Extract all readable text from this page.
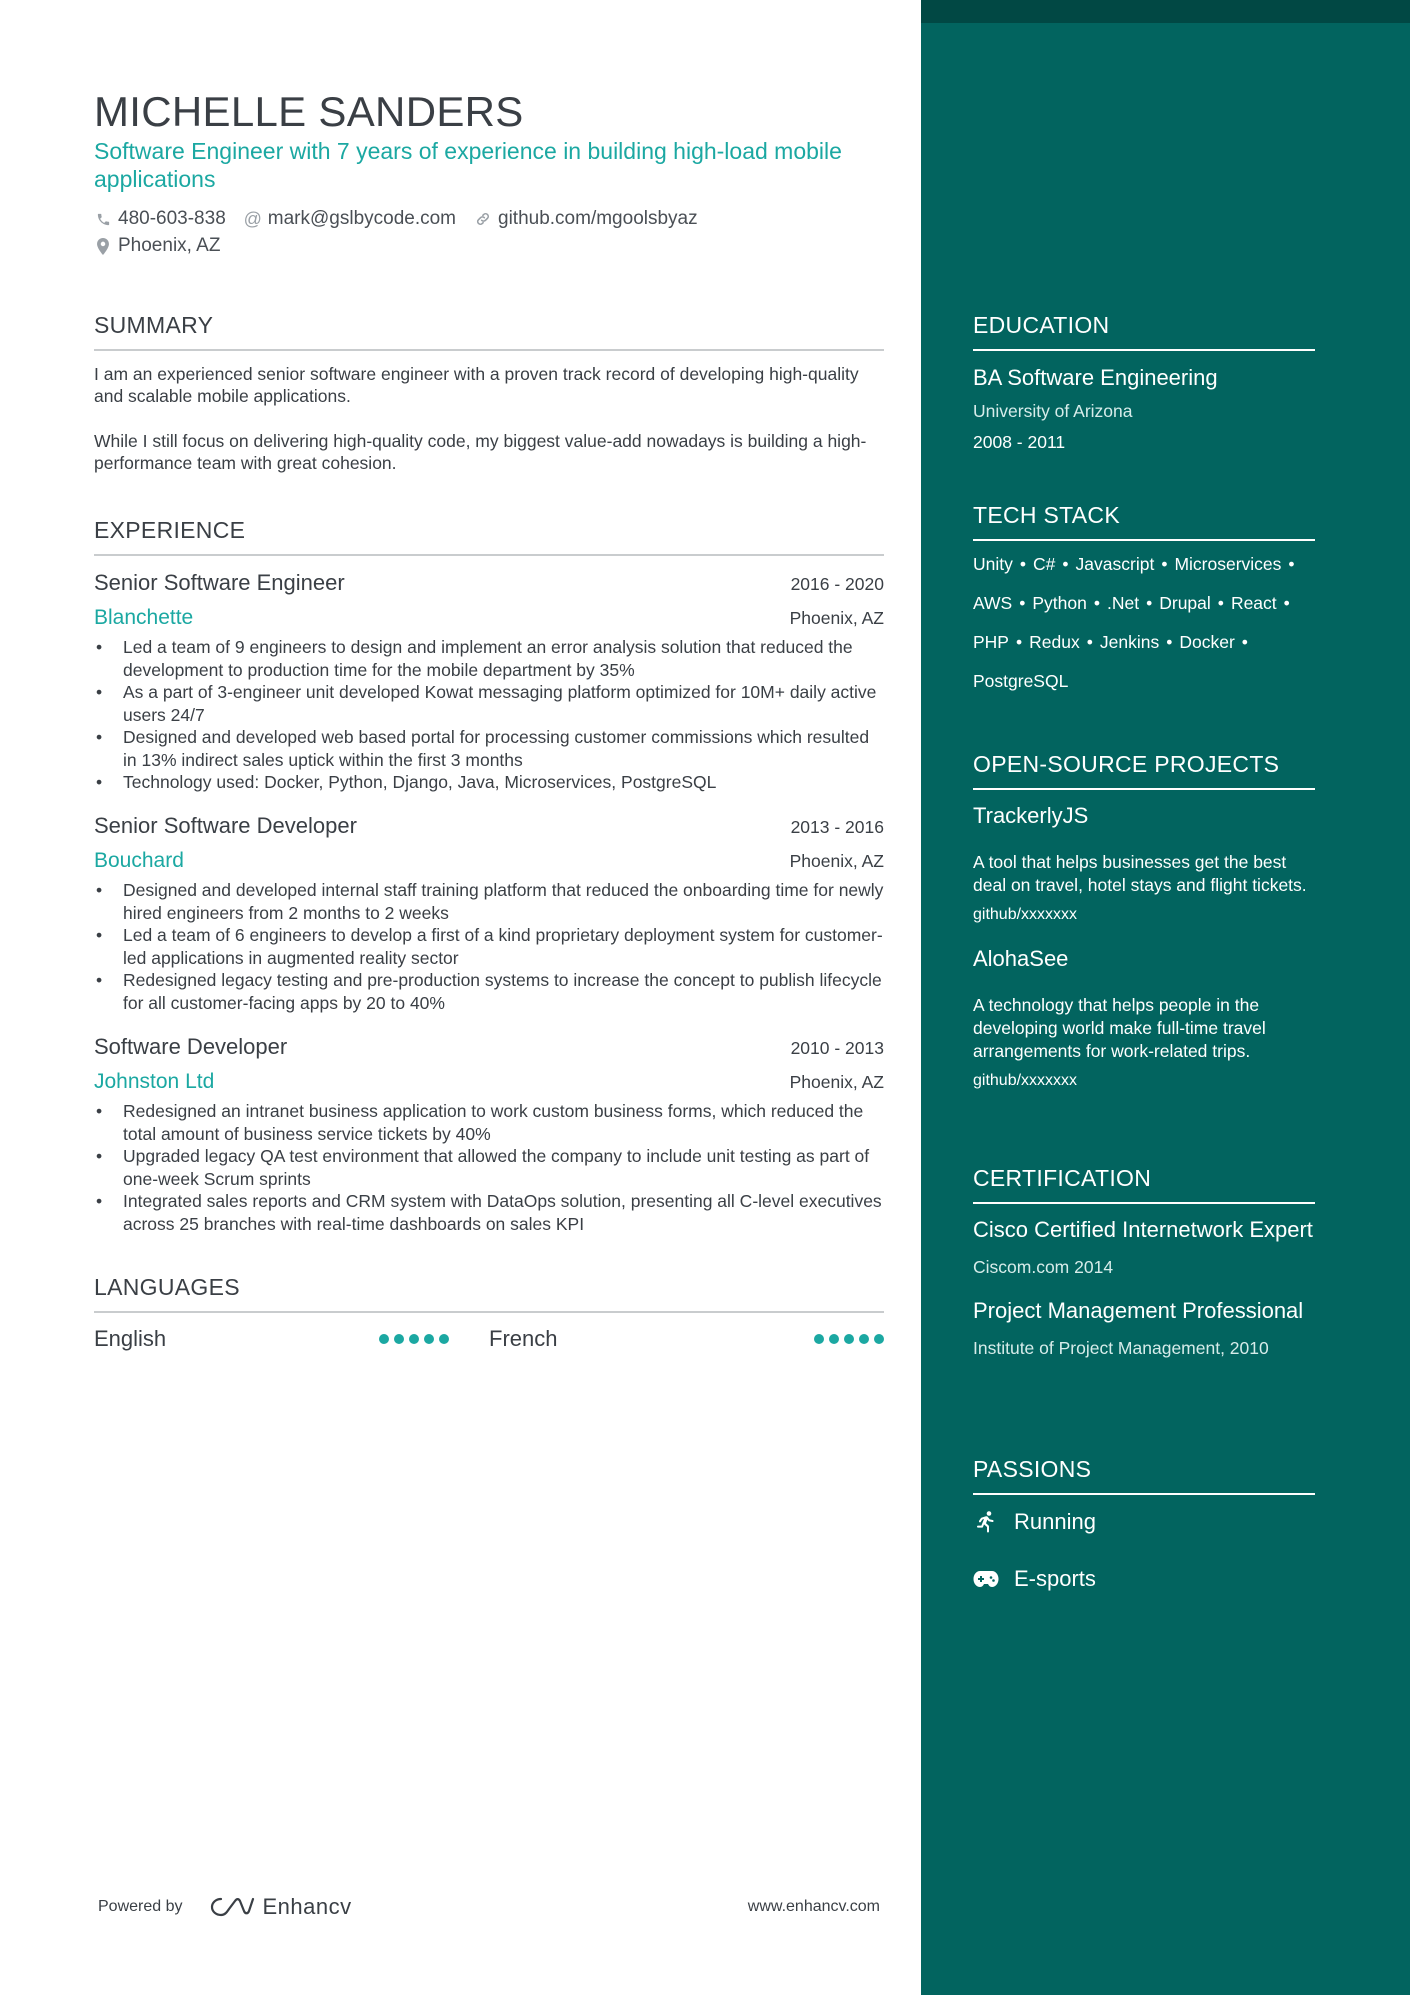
MICHELLE SANDERS
Software Engineer with 7 years of experience in building high-load mobile applications
480-603-838 @ mark@gslbycode.com github.com/mgoolsbyaz
Phoenix, AZ
SUMMARY

I am an experienced senior software engineer with a proven track record of developing high-quality and scalable mobile applications.

While I still focus on delivering high-quality code, my biggest value-add nowadays is building a high-performance team with great cohesion.

EXPERIENCE
Senior Software Engineer	2016 - 2020
Blanchette	Phoenix, AZ
• Led a team of 9 engineers to design and implement an error analysis solution that reduced the development to production time for the mobile department by 35%
• As a part of 3-engineer unit developed Kowat messaging platform optimized for 10M+ daily active users 24/7
• Designed and developed web based portal for processing customer commissions which resulted in 13% indirect sales uptick within the first 3 months
• Technology used: Docker, Python, Django, Java, Microservices, PostgreSQL
Senior Software Developer	2013 - 2016
Bouchard	Phoenix, AZ
• Designed and developed internal staff training platform that reduced the onboarding time for newly hired engineers from 2 months to 2 weeks
• Led a team of 6 engineers to develop a first of a kind proprietary deployment system for customer-led applications in augmented reality sector
• Redesigned legacy testing and pre-production systems to increase the concept to publish lifecycle for all customer-facing apps by 20 to 40%
Software Developer	2010 - 2013
Johnston Ltd	Phoenix, AZ
• Redesigned an intranet business application to work custom business forms, which reduced the total amount of business service tickets by 40%
• Upgraded legacy QA test environment that allowed the company to include unit testing as part of one-week Scrum sprints
• Integrated sales reports and CRM system with DataOps solution, presenting all C-level executives across 25 branches with real-time dashboards on sales KPI
LANGUAGES
English	French
Powered by	Enhancv	www.enhancv.com
EDUCATION
BA Software Engineering
University of Arizona
2008 - 2011
TECH STACK
Unity • C# • Javascript • Microservices •
AWS • Python • .Net • Drupal • React •
PHP • Redux • Jenkins • Docker •
PostgreSQL
OPEN-SOURCE PROJECTS
TrackerlyJS
A tool that helps businesses get the best deal on travel, hotel stays and flight tickets.
github/xxxxxxx
AlohaSee
A technology that helps people in the developing world make full-time travel arrangements for work-related trips.
github/xxxxxxx
CERTIFICATION
Cisco Certified Internetwork Expert
Ciscom.com 2014
Project Management Professional
Institute of Project Management, 2010
PASSIONS
Running
E-sports
